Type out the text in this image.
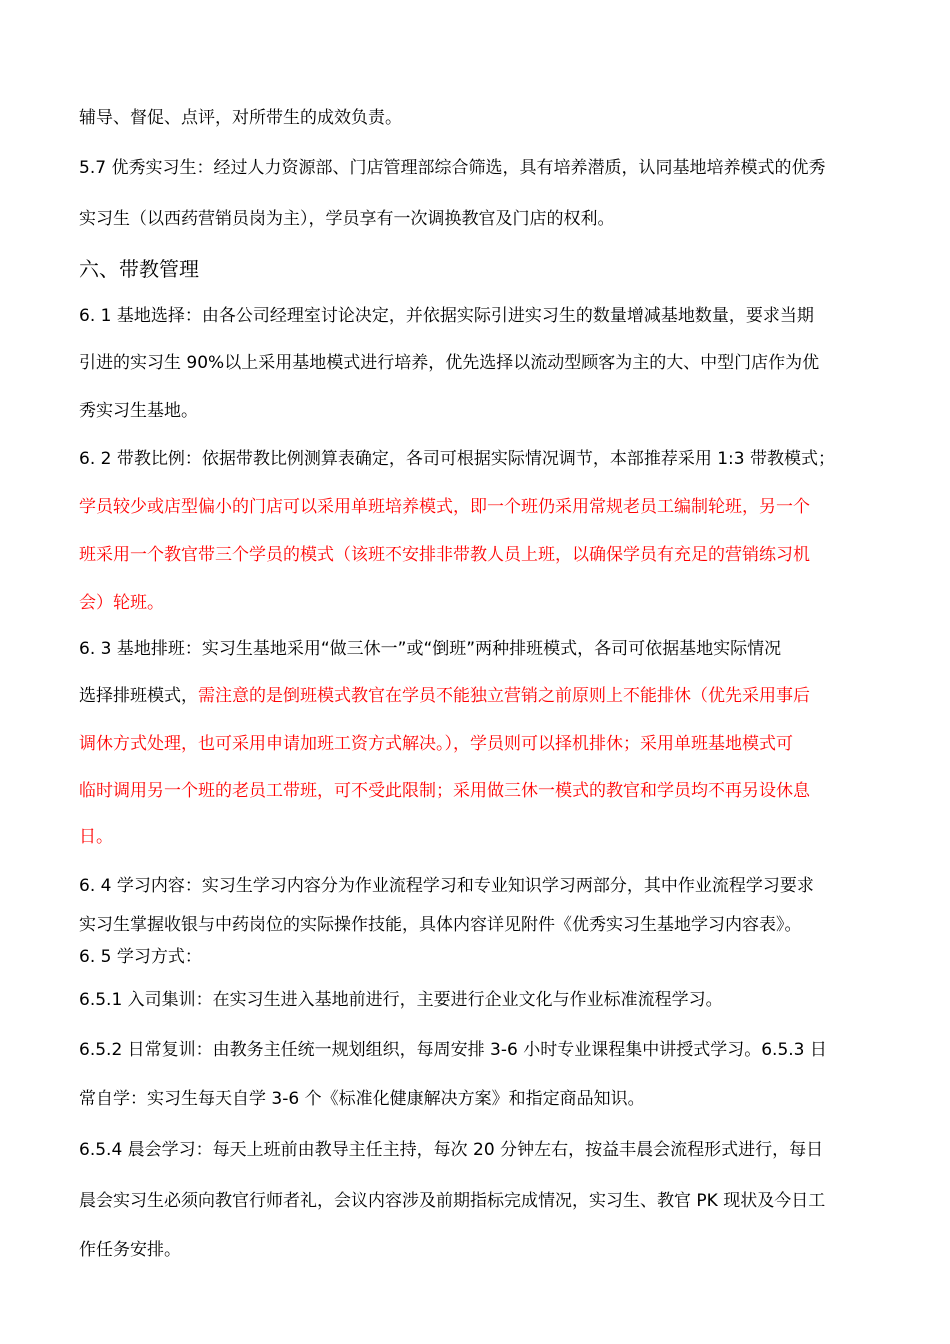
辅导、督促、点评，对所带生的成效负责。
5.7 优秀实习生：经过人力资源部、门店管理部综合筛选，具有培养潜质，认同基地培养模式的优秀
实习生（以西药营销员岗为主），学员享有一次调换教官及门店的权利。
六、带教管理
6. 1 基地选择：由各公司经理室讨论决定，并依据实际引进实习生的数量增减基地数量，要求当期
引进的实习生 90%以上采用基地模式进行培养，优先选择以流动型顾客为主的大、中型门店作为优
秀实习生基地。
6. 2 带教比例：依据带教比例测算表确定，各司可根据实际情况调节，本部推荐采用 1:3 带教模式；
学员较少或店型偏小的门店可以采用单班培养模式，即一个班仍采用常规老员工编制轮班，另一个
班采用一个教官带三个学员的模式（该班不安排非带教人员上班，以确保学员有充足的营销练习机
会）轮班。
6. 3 基地排班：实习生基地采用“做三休一”或“倒班”两种排班模式，各司可依据基地实际情况
选择排班模式，需注意的是倒班模式教官在学员不能独立营销之前原则上不能排休（优先采用事后
调休方式处理，也可采用申请加班工资方式解决。），学员则可以择机排休；采用单班基地模式可
临时调用另一个班的老员工带班，可不受此限制；采用做三休一模式的教官和学员均不再另设休息
日。
6. 4 学习内容：实习生学习内容分为作业流程学习和专业知识学习两部分，其中作业流程学习要求
实习生掌握收银与中药岗位的实际操作技能，具体内容详见附件《优秀实习生基地学习内容表》。
6. 5 学习方式：
6.5.1 入司集训：在实习生进入基地前进行，主要进行企业文化与作业标准流程学习。
6.5.2 日常复训：由教务主任统一规划组织，每周安排 3-6 小时专业课程集中讲授式学习。6.5.3 日
常自学：实习生每天自学 3-6 个《标准化健康解决方案》和指定商品知识。
6.5.4 晨会学习：每天上班前由教导主任主持，每次 20 分钟左右，按益丰晨会流程形式进行，每日
晨会实习生必须向教官行师者礼，会议内容涉及前期指标完成情况，实习生、教官 PK 现状及今日工
作任务安排。
